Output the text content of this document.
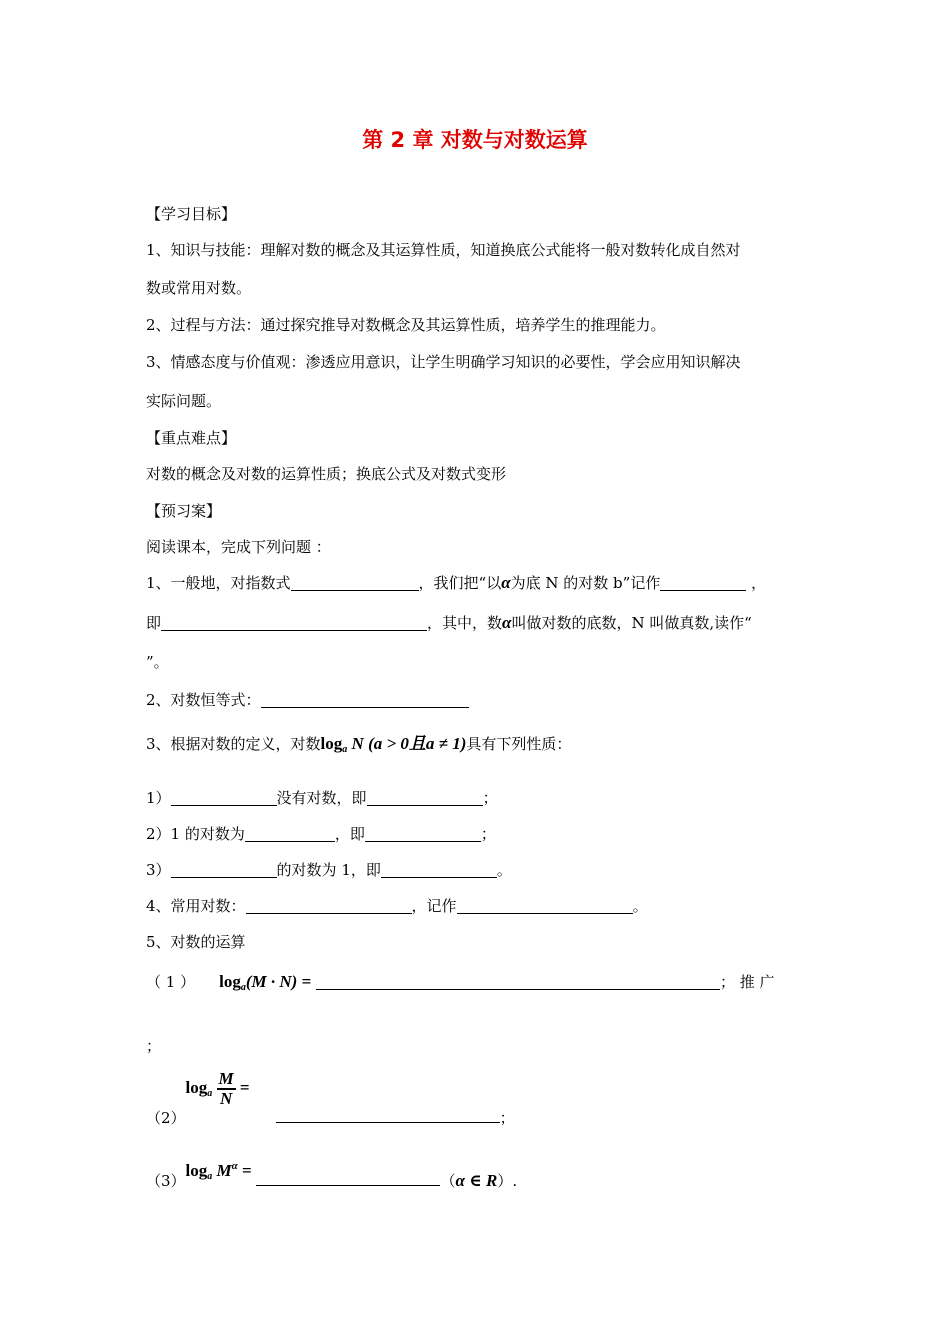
第 2 章 对数与对数运算
【学习目标】
1、知识与技能：理解对数的概念及其运算性质，知道换底公式能将一般对数转化成自然对
数或常用对数。
2、过程与方法：通过探究推导对数概念及其运算性质，培养学生的推理能力。
3、情感态度与价值观：渗透应用意识，让学生明确学习知识的必要性，学会应用知识解决
实际问题。
【重点难点】
对数的概念及对数的运算性质；换底公式及对数式变形
【预习案】
阅读课本，完成下列问题 ：
1、一般地，对指数式	，我们把“以α为底 N 的对数 b”记作	，
即	，其中，数α叫做对数的底数，N 叫做真数,读作“
”。
2、对数恒等式：
3、根据对数的定义，对数$\log_a N$ (a > 0且a ≠ 1)具有下列性质：
1）	没有对数，即	；
2）1 的对数为	，即	；
3）	的对数为 1，即	。
4、常用对数：	，记作	。
5、对数的运算
（ 1 ） $\log_a(M \cdot N)$ =	； 推 广
；
$(2)\log_a \frac{M}{N}$ =；
$(3)\log_a$ $M^\alpha = (\alpha$ ∈ R）.
